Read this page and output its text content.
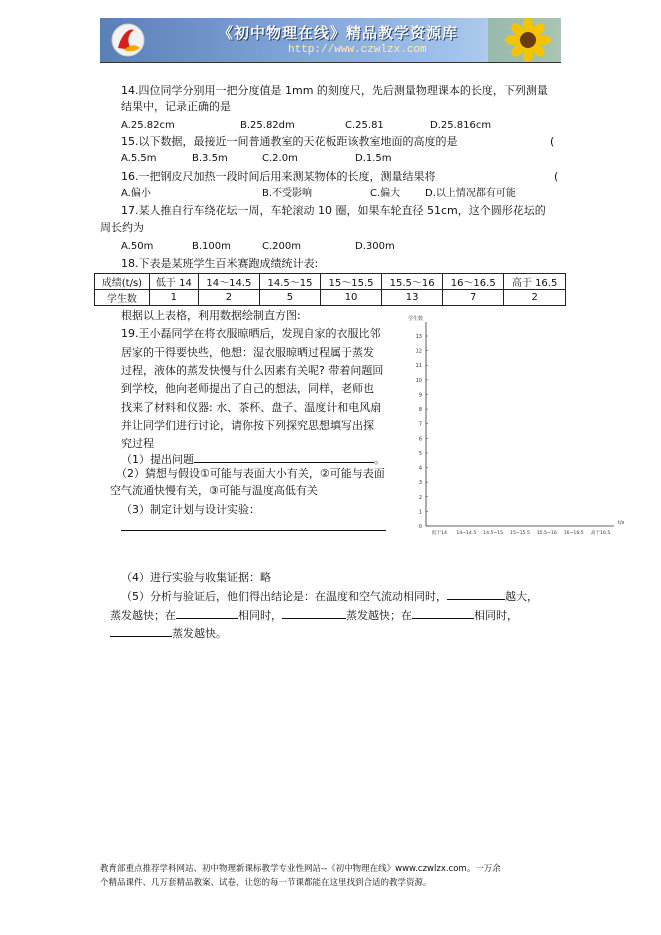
《初中物理在线》精品教学资源库
http://www.czwlzx.com
14.四位同学分别用一把分度值是 1mm 的刻度尺，先后测量物理课本的长度，下列测量
结果中，记录正确的是
A.25.82cm	B.25.82dm	C.25.81	D.25.816cm
15.以下数据，最接近一间普通教室的天花板距该教室地面的高度的是	(
A.5.5m	B.3.5m	C.2.0m	D.1.5m
16.一把钢皮尺加热一段时间后用来测某物体的长度，测量结果将	(
A.偏小	B.不受影响	C.偏大 D.以上情况都有可能
17.某人推自行车绕花坛一周，车轮滚动 10 圈，如果车轮直径 51cm，这个圆形花坛的
周长约为
A.50m	B.100m	C.200m	D.300m
18.下表是某班学生百米赛跑成绩统计表:
成绩(t/s)	低于 14	14～14.5	14.5～15	15～15.5	15.5～16	16～16.5	高于 16.5
学生数	1	2	5	10	13	7	2
根据以上表格，利用数据绘制直方图:	学生数
t/s
13
12
11
10
9
8
7
6
5
4
3
2
1
0
低于14 14~14.5 14.5~15 15~15.5 15.5~16 16~16.5 高于16.5
19.王小磊同学在将衣服晾晒后，发现自家的衣服比邻
居家的干得要快些，他想：湿衣服晾晒过程属于蒸发
过程，液体的蒸发快慢与什么因素有关呢? 带着问题回
到学校，他向老师提出了自己的想法，同样，老师也
找来了材料和仪器: 水、茶杯、盘子、温度计和电风扇
并让同学们进行讨论，请你按下列探究思想填写出探
究过程
（1）提出问题	。
（2）猜想与假设①可能与表面大小有关，②可能与表面
空气流通快慢有关，③可能与温度高低有关
（3）制定计划与设计实验：
（4）进行实验与收集证据：略
（5）分析与验证后，他们得出结论是：在温度和空气流动相同时，	越大，
蒸发越快；在	相同时，	蒸发越快；在	相同时，
蒸发越快。
教育部重点推荐学科网站、初中物理新课标教学专业性网站--《初中物理在线》www.czwlzx.com。一万余
个精品课件、几万套精品教案、试卷，让您的每一节课都能在这里找到合适的教学资源。
